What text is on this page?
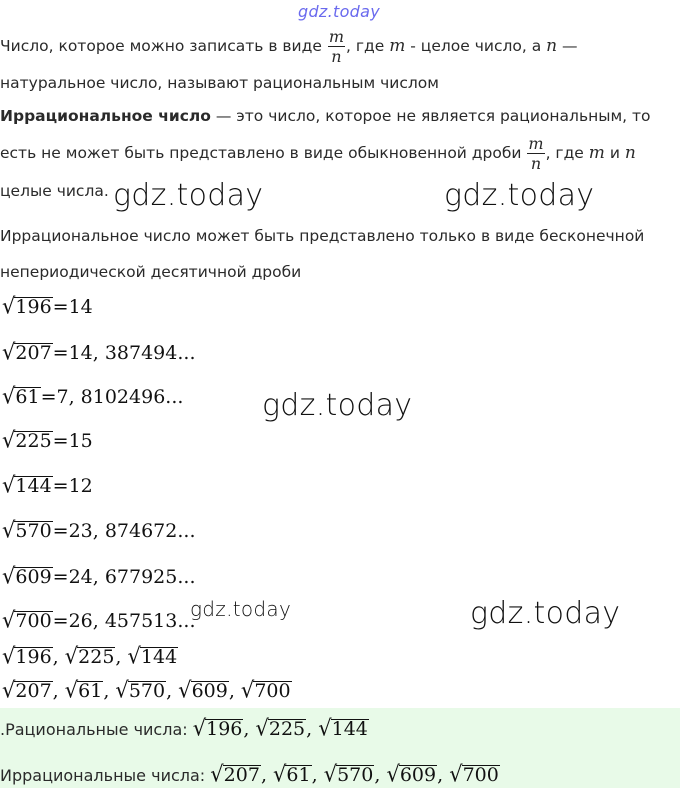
gdz.today
Число, которое можно записать в виде $\frac{m}{n}$ , где m - целое число, а n —
натуральное число, называют рациональным числом
Иррациональное число — это число, которое не является рациональным, то
есть не может быть представлено в виде обыкновенной дроби $\frac{m}{n}$ , где m и n
целые числа. gdz.today	gdz.today
Иррациональное число может быть представлено только в виде бесконечной
непериодической десятичной дроби
√196=14
√207=14, 387494...
√61=7, 8102496...	gdz.today
√225=15
√144=12
√570=23, 874672...
√609=24, 677925...
√700=26, 457513...
gdz.today	gdz.today
√196, √225, √144
√207, √61, √570, √609, √700
.Рациональные числа: √196, √225, √144
Иррациональные числа: √207, √61, √570, √609, √700
